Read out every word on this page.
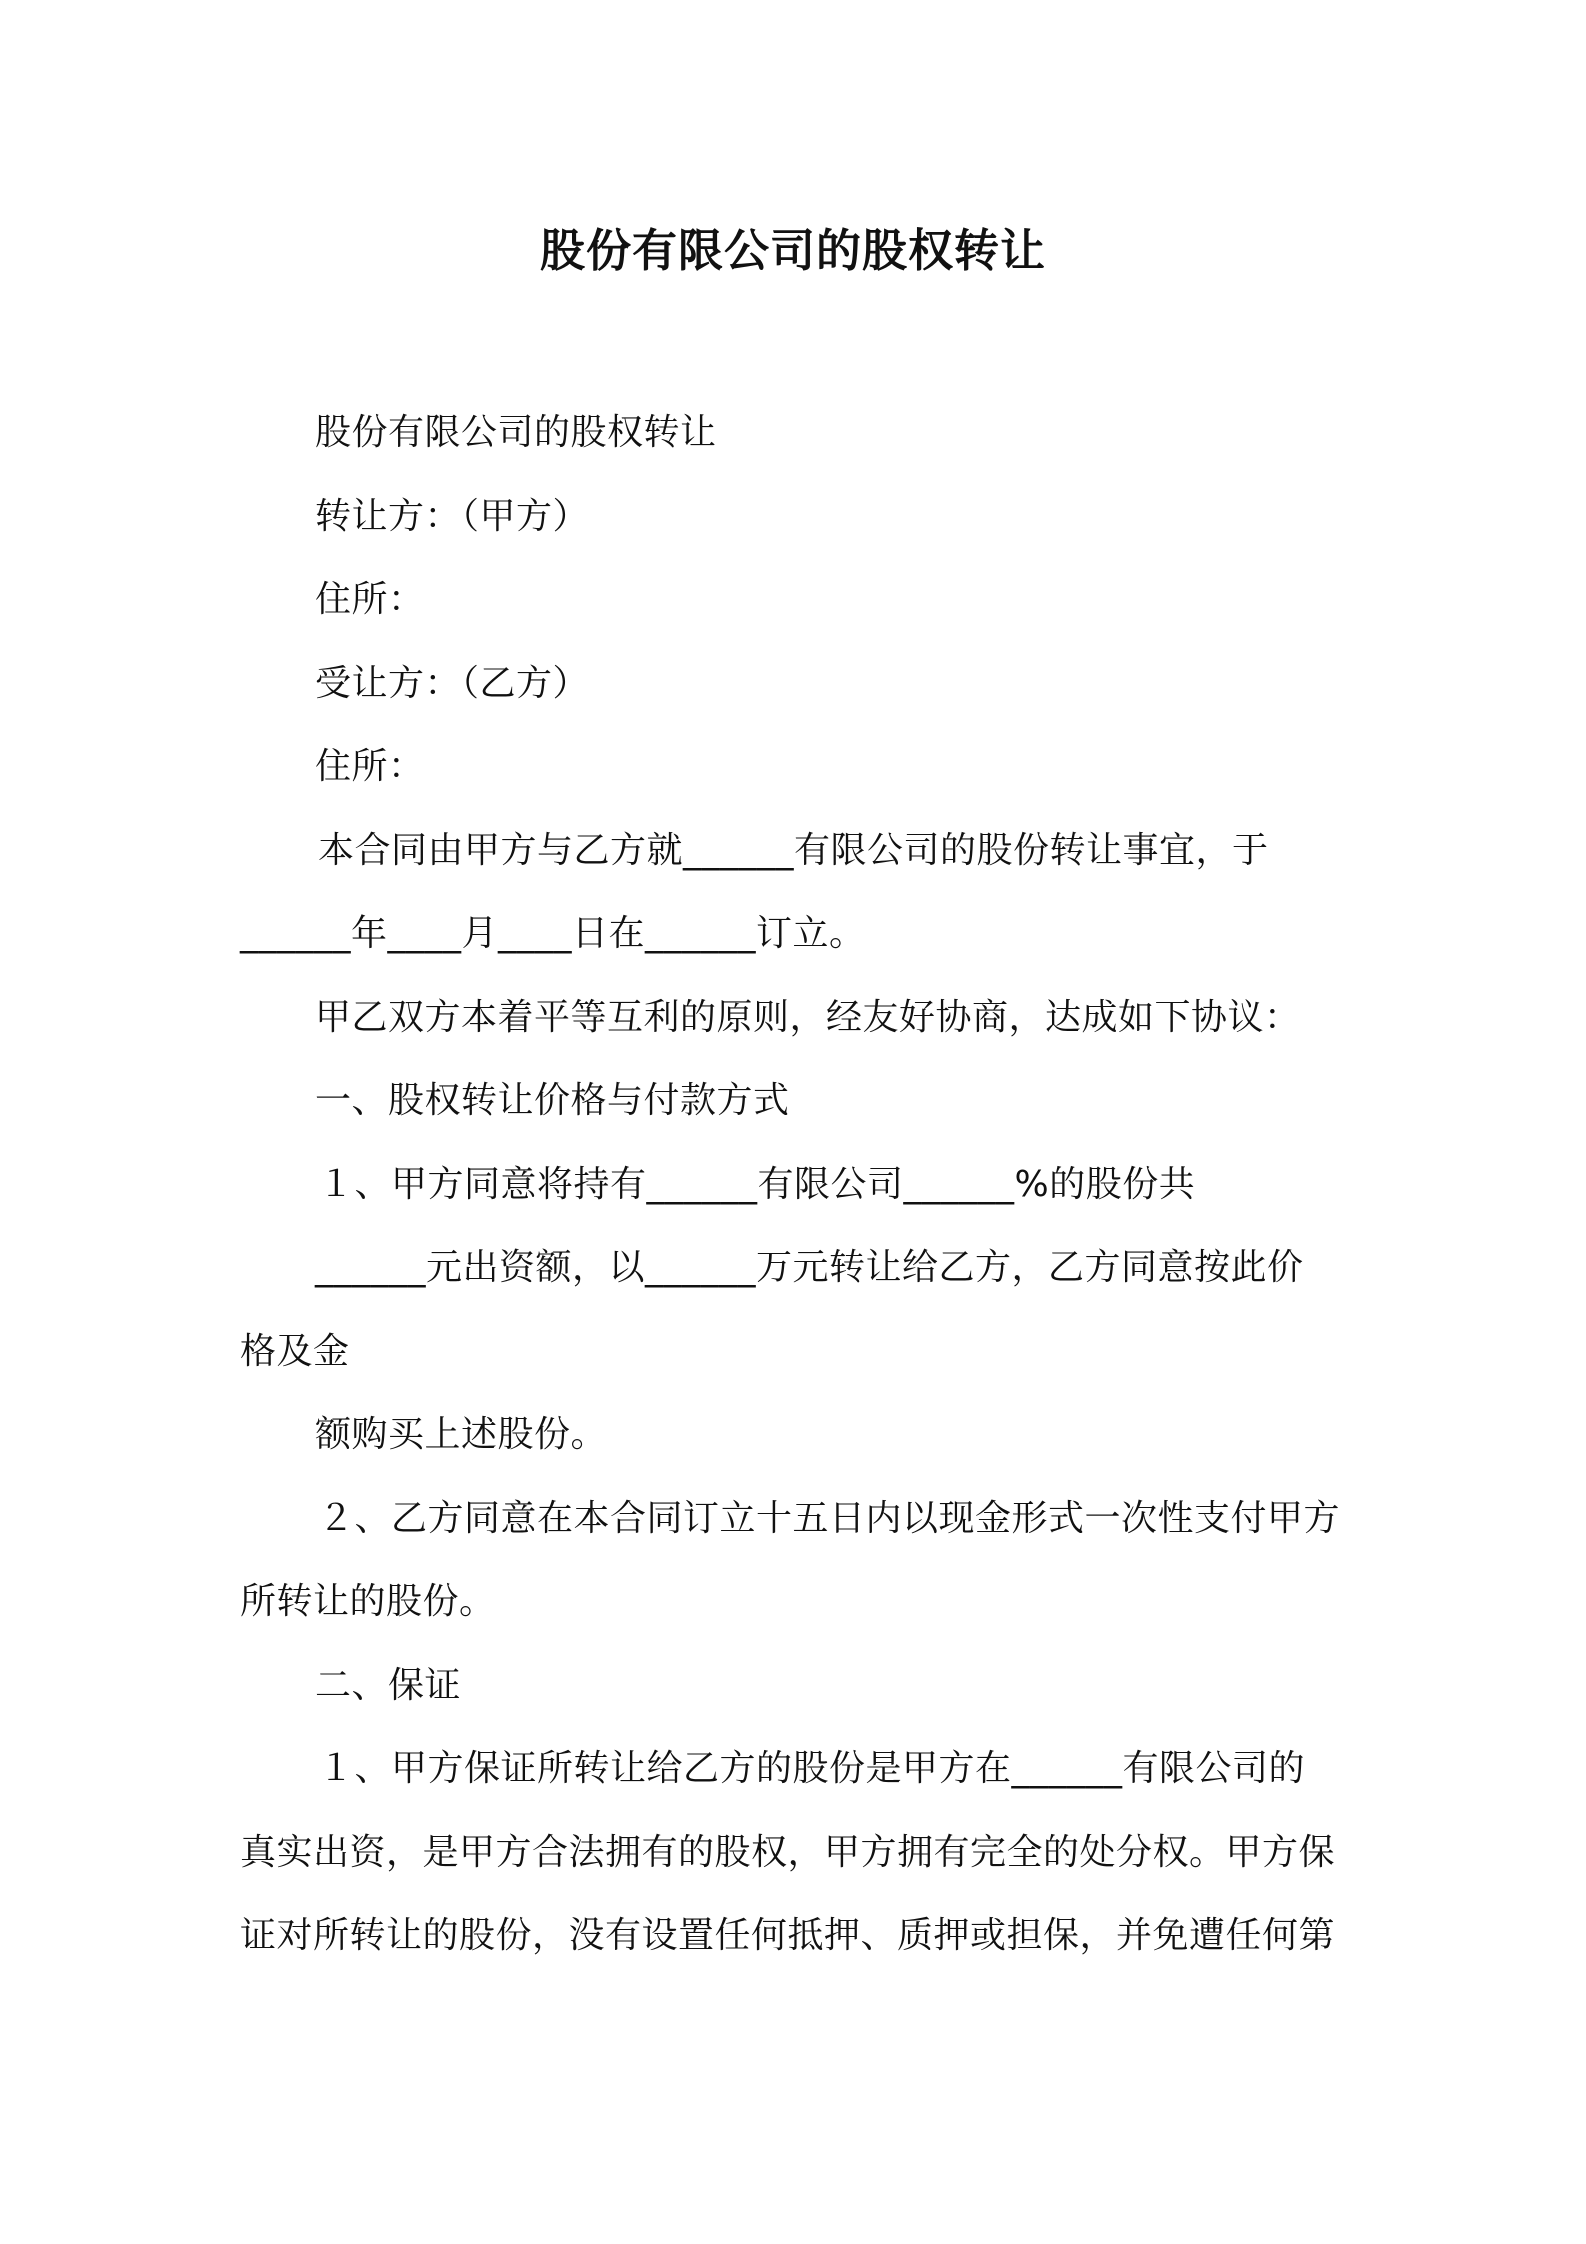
股份有限公司的股权转让
股份有限公司的股权转让
转让方：（甲方）
住所：
受让方：（乙方）
住所：
本合同由甲方与乙方就______有限公司的股份转让事宜，于
______年____月____日在______订立。
甲乙双方本着平等互利的原则，经友好协商，达成如下协议：
一、股权转让价格与付款方式
１、甲方同意将持有______有限公司______%的股份共
______元出资额，以______万元转让给乙方，乙方同意按此价
格及金
额购买上述股份。
２、乙方同意在本合同订立十五日内以现金形式一次性支付甲方
所转让的股份。
二、保证
１、甲方保证所转让给乙方的股份是甲方在______有限公司的
真实出资，是甲方合法拥有的股权，甲方拥有完全的处分权。甲方保
证对所转让的股份，没有设置任何抵押、质押或担保，并免遭任何第
